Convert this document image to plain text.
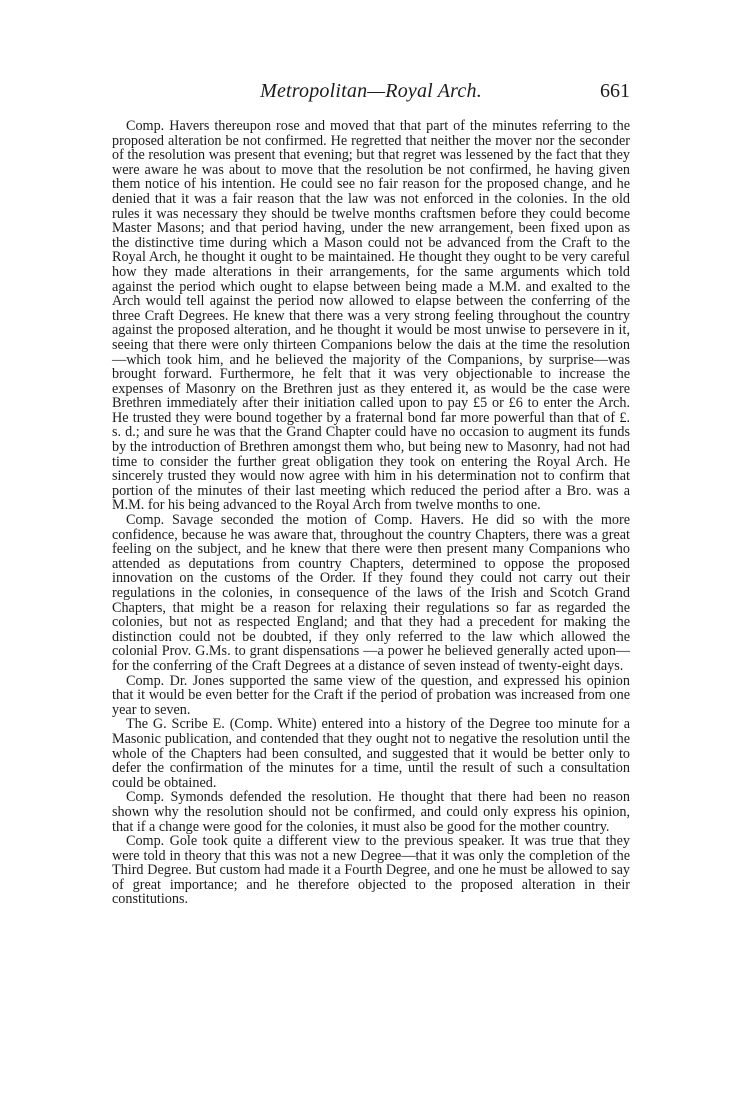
Metropolitan—Royal Arch.	661

Comp. Havers thereupon rose and moved that that part of the minutes referring to the proposed alteration be not confirmed. He regretted that neither the mover nor the seconder of the resolution was present that evening; but that regret was lessened by the fact that they were aware he was about to move that the resolution be not confirmed, he having given them notice of his intention. He could see no fair reason for the proposed change, and he denied that it was a fair reason that the law was not enforced in the colonies. In the old rules it was necessary they should be twelve months craftsmen before they could become Master Masons; and that period having, under the new arrangement, been fixed upon as the distinctive time during which a Mason could not be advanced from the Craft to the Royal Arch, he thought it ought to be maintained. He thought they ought to be very careful how they made alterations in their arrangements, for the same arguments which told against the period which ought to elapse between being made a M.M. and exalted to the Arch would tell against the period now allowed to elapse between the conferring of the three Craft Degrees. He knew that there was a very strong feeling throughout the country against the proposed alteration, and he thought it would be most unwise to persevere in it, seeing that there were only thirteen Companions below the dais at the time the resolution—which took him, and he believed the majority of the Companions, by surprise—was brought forward. Furthermore, he felt that it was very objectionable to increase the expenses of Masonry on the Brethren just as they entered it, as would be the case were Brethren immediately after their initiation called upon to pay £5 or £6 to enter the Arch. He trusted they were bound together by a fraternal bond far more powerful than that of £. s. d.; and sure he was that the Grand Chapter could have no occasion to augment its funds by the introduction of Brethren amongst them who, but being new to Masonry, had not had time to consider the further great obligation they took on entering the Royal Arch. He sincerely trusted they would now agree with him in his determination not to confirm that portion of the minutes of their last meeting which reduced the period after a Bro. was a M.M. for his being advanced to the Royal Arch from twelve months to one.

Comp. Savage seconded the motion of Comp. Havers. He did so with the more confidence, because he was aware that, throughout the country Chapters, there was a great feeling on the subject, and he knew that there were then present many Companions who attended as deputations from country Chapters, determined to oppose the proposed innovation on the customs of the Order. If they found they could not carry out their regulations in the colonies, in consequence of the laws of the Irish and Scotch Grand Chapters, that might be a reason for relaxing their regulations so far as regarded the colonies, but not as respected England; and that they had a precedent for making the distinction could not be doubted, if they only referred to the law which allowed the colonial Prov. G.Ms. to grant dispensations —a power he believed generally acted upon—for the conferring of the Craft Degrees at a distance of seven instead of twenty-eight days.

Comp. Dr. Jones supported the same view of the question, and expressed his opinion that it would be even better for the Craft if the period of probation was increased from one year to seven.

The G. Scribe E. (Comp. White) entered into a history of the Degree too minute for a Masonic publication, and contended that they ought not to negative the resolution until the whole of the Chapters had been consulted, and suggested that it would be better only to defer the confirmation of the minutes for a time, until the result of such a consultation could be obtained.

Comp. Symonds defended the resolution. He thought that there had been no reason shown why the resolution should not be confirmed, and could only express his opinion, that if a change were good for the colonies, it must also be good for the mother country.

Comp. Gole took quite a different view to the previous speaker. It was true that they were told in theory that this was not a new Degree—that it was only the completion of the Third Degree. But custom had made it a Fourth Degree, and one he must be allowed to say of great importance; and he therefore objected to the proposed alteration in their constitutions.
